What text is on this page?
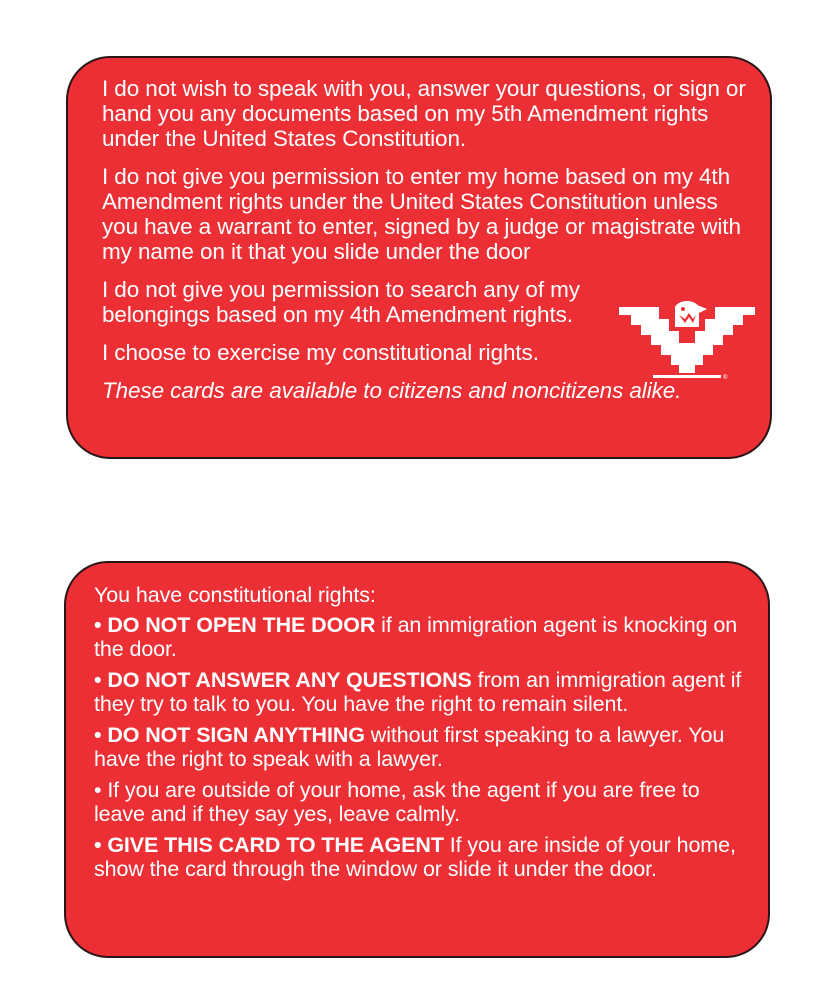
I do not wish to speak with you, answer your questions, or sign or hand you any documents based on my 5th Amendment rights under the United States Constitution.

I do not give you permission to enter my home based on my 4th Amendment rights under the United States Constitution unless you have a warrant to enter, signed by a judge or magistrate with my name on it that you slide under the door

I do not give you permission to search any of my belongings based on my 4th Amendment rights.

I choose to exercise my constitutional rights.

These cards are available to citizens and noncitizens alike.	®

You have constitutional rights:

• DO NOT OPEN THE DOOR if an immigration agent is knocking on the door.

• DO NOT ANSWER ANY QUESTIONS from an immigration agent if they try to talk to you. You have the right to remain silent.

• DO NOT SIGN ANYTHING without first speaking to a lawyer. You have the right to speak with a lawyer.

• If you are outside of your home, ask the agent if you are free to leave and if they say yes, leave calmly.

• GIVE THIS CARD TO THE AGENT If you are inside of your home, show the card through the window or slide it under the door.
